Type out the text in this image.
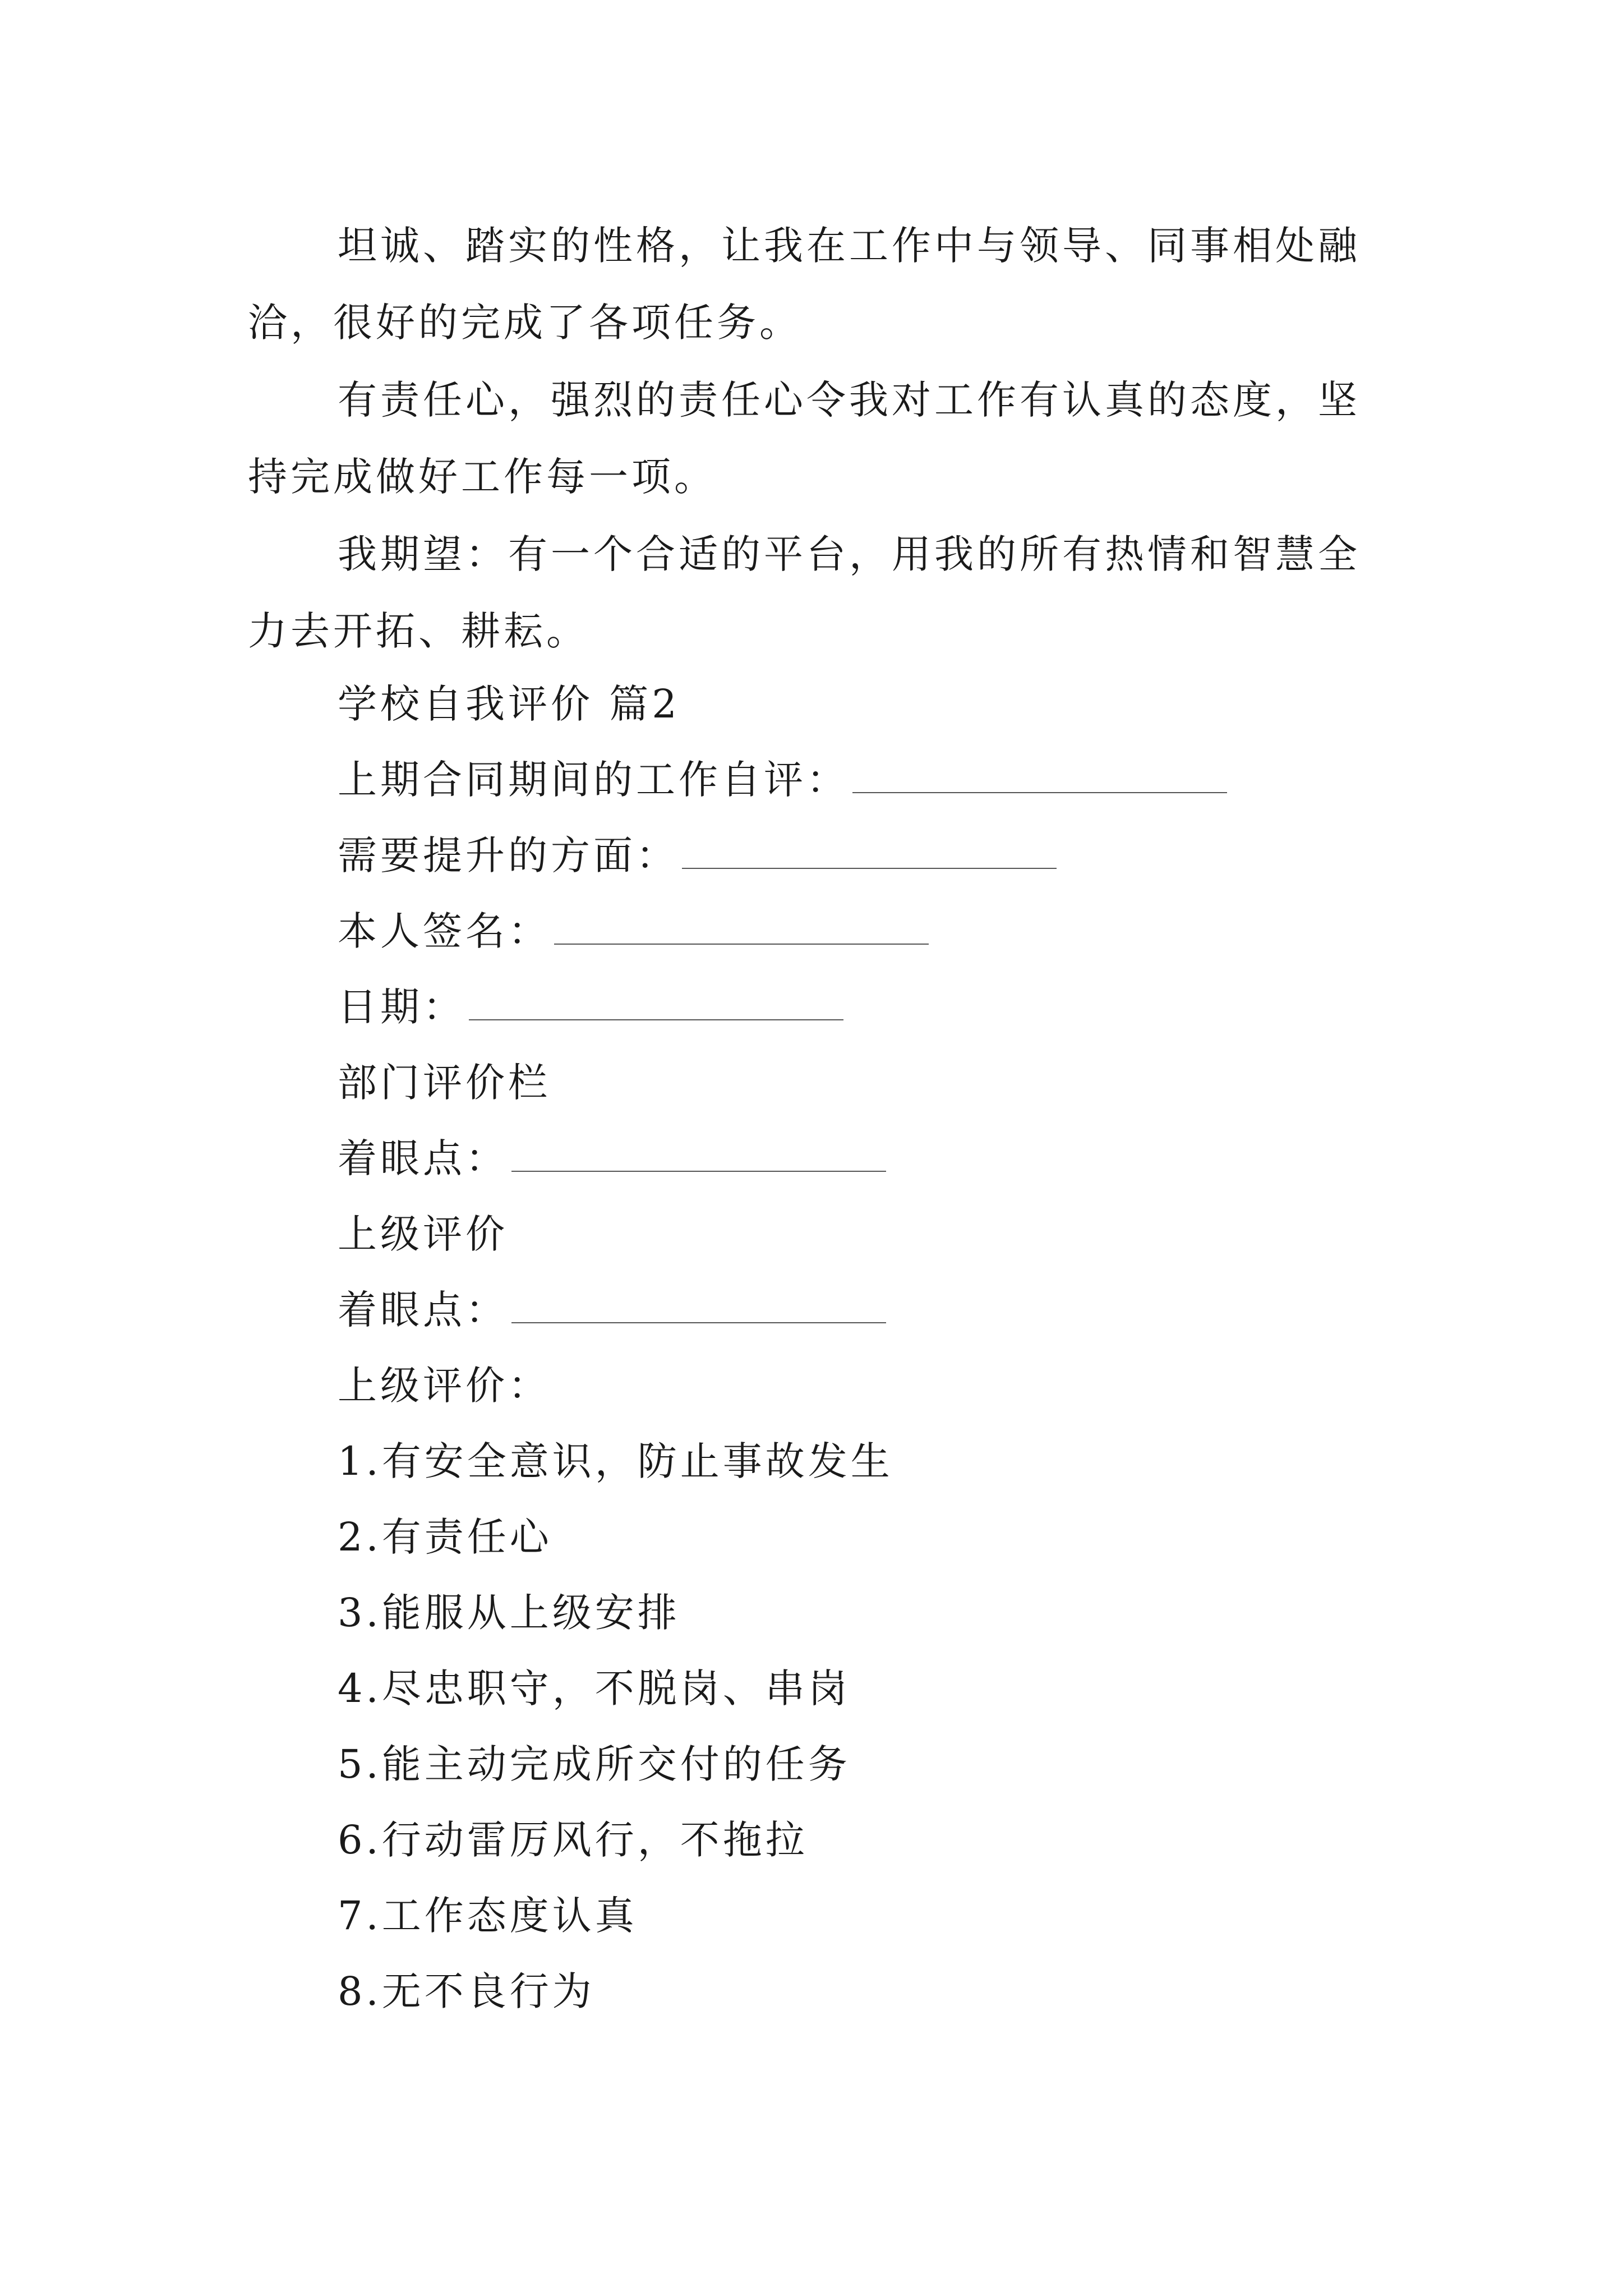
坦诚、踏实的性格，让我在工作中与领导、同事相处融洽，很好的完成了各项任务。

有责任心，强烈的责任心令我对工作有认真的态度，坚持完成做好工作每一项。

我期望：有一个合适的平台，用我的所有热情和智慧全力去开拓、耕耘。

学校自我评价 篇2

上期合同期间的工作自评：

需要提升的方面：

本人签名：

日期：

部门评价栏

着眼点：

上级评价

着眼点：

上级评价：

1.有安全意识，防止事故发生

2.有责任心

3.能服从上级安排

4.尽忠职守，不脱岗、串岗

5.能主动完成所交付的任务

6.行动雷厉风行，不拖拉

7.工作态度认真

8.无不良行为
